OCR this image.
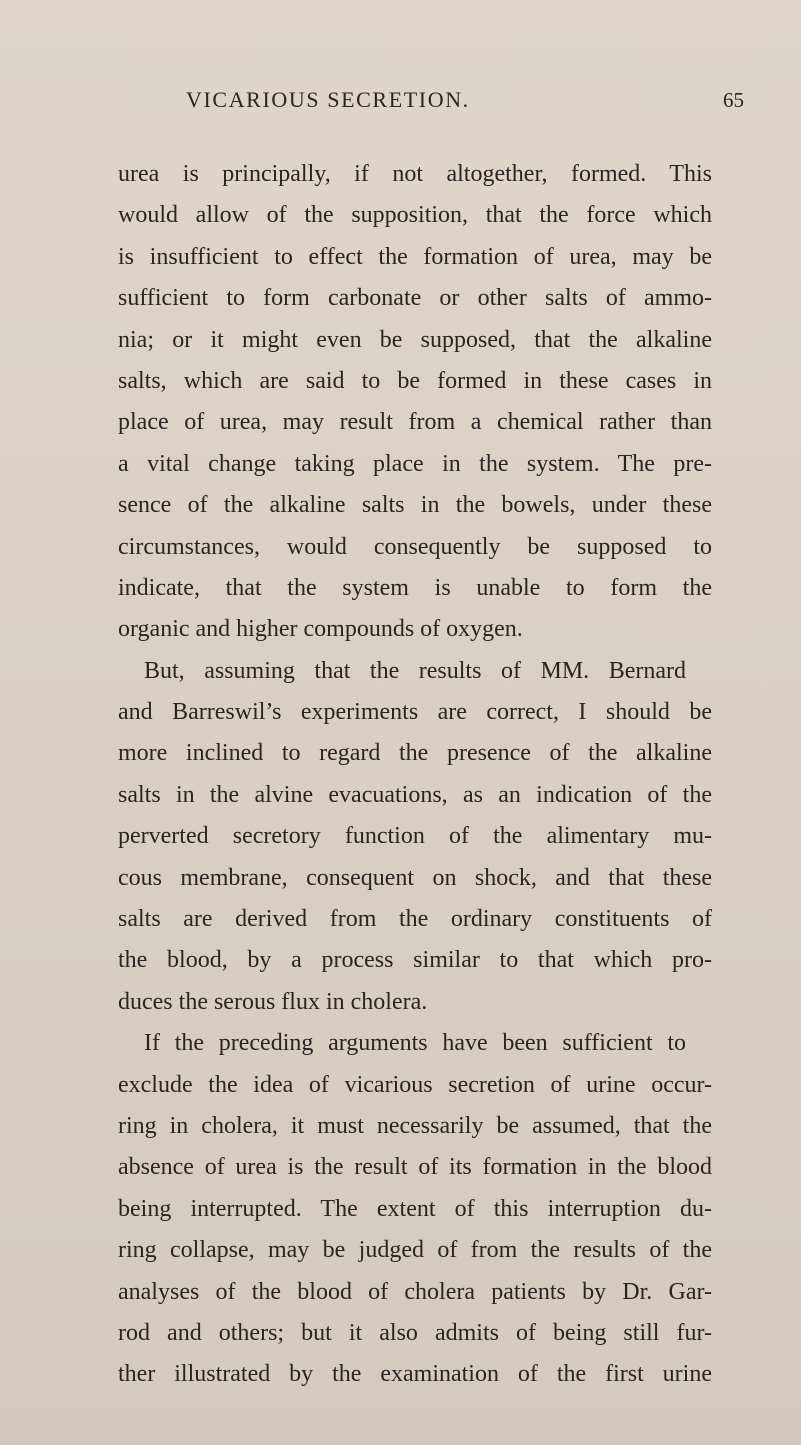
VICARIOUS SECRETION.	65
urea is principally, if not altogether, formed. This
would allow of the supposition, that the force which
is insufficient to effect the formation of urea, may be
sufficient to form carbonate or other salts of ammo-
nia; or it might even be supposed, that the alkaline
salts, which are said to be formed in these cases in
place of urea, may result from a chemical rather than
a vital change taking place in the system. The pre-
sence of the alkaline salts in the bowels, under these
circumstances, would consequently be supposed to
indicate, that the system is unable to form the
organic and higher compounds of oxygen.
But, assuming that the results of MM. Bernard
and Barreswil’s experiments are correct, I should be
more inclined to regard the presence of the alkaline
salts in the alvine evacuations, as an indication of the
perverted secretory function of the alimentary mu-
cous membrane, consequent on shock, and that these
salts are derived from the ordinary constituents of
the blood, by a process similar to that which pro-
duces the serous flux in cholera.
If the preceding arguments have been sufficient to
exclude the idea of vicarious secretion of urine occur-
ring in cholera, it must necessarily be assumed, that the
absence of urea is the result of its formation in the blood
being interrupted. The extent of this interruption du-
ring collapse, may be judged of from the results of the
analyses of the blood of cholera patients by Dr. Gar-
rod and others; but it also admits of being still fur-
ther illustrated by the examination of the first urine
